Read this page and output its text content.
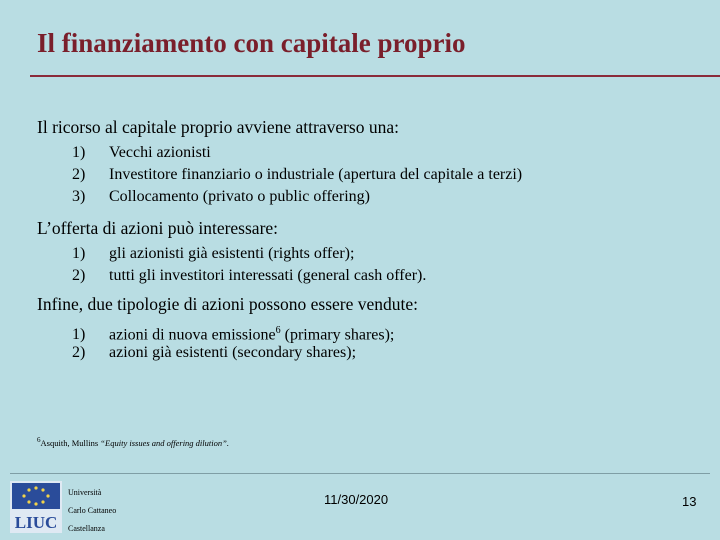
Il finanziamento con capitale proprio
Il ricorso al capitale proprio avviene attraverso una:
1) Vecchi azionisti
2) Investitore finanziario o industriale (apertura del capitale a terzi)
3) Collocamento (privato o public offering)
L’offerta di azioni può interessare:
1) gli azionisti già esistenti (rights offer);
2) tutti gli investitori interessati (general cash offer).
Infine, due tipologie di azioni possono essere vendute:
1) azioni di nuova emissione$^6$ (primary shares);
2) azioni già esistenti (secondary shares);
$^6$Asquith, Mullins “Equity issues and offering dilution”.
LIUC
Università
Carlo Cattaneo
Castellanza
11/30/2020	13
